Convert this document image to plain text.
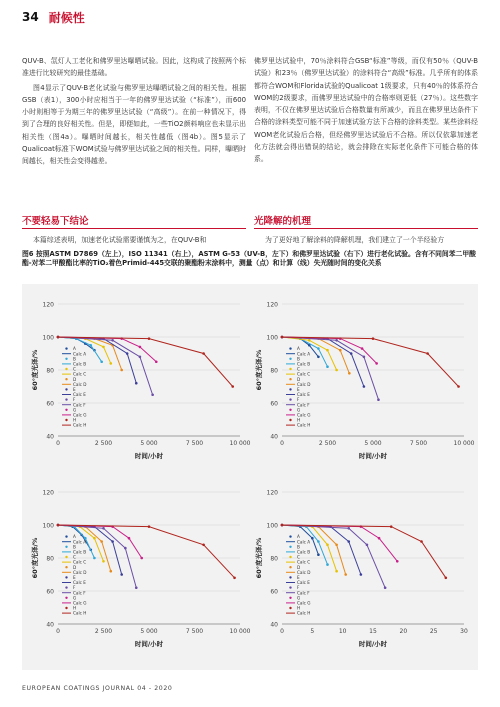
34 耐候性

QUV-B、氙灯人工老化和佛罗里达曝晒试验。因此，这构成了按照两个标准进行比较研究的最佳基础。

图4显示了QUV-B老化试验与佛罗里达曝晒试验之间的相关性。根据GSB（表1），300小时应相当于一年的佛罗里达试验（“标准”），而600小时则相等于为期三年的佛罗里达试验（“高级”）。在前一种情况下，得到了合理的良好相关性。但是，即便如此，一些TiO2颜料响应也未显示出相关性（图4a）。曝晒时间越长，相关性越低（图4b）。图5显示了Qualicoat标准下WOM试验与佛罗里达试验之间的相关性。同样，曝晒时间越长，相关性会变得越差。

佛罗里达试验中，70％涂料符合GSB“标准”等级，而仅有50％（QUV-B试验）和23％（佛罗里达试验）的涂料符合“高级”标准。几乎所有的体系都符合WOM和Florida试验的Qualicoat 1级要求，只有40％的体系符合WOM的2级要求，而佛罗里达试验中的合格率则更低（27％）。这些数字表明，不仅在佛罗里达试验后合格数量有所减少，而且在佛罗里达条件下合格的涂料类型可能不同于加速试验方法下合格的涂料类型。某些涂料经WOM老化试验后合格，但经佛罗里达试验后不合格。所以仅依靠加速老化方法就会得出错误的结论，就会排除在实际老化条件下可能合格的体系。

不要轻易下结论	光降解的机理
本篇综述表明，加速老化试验需要谨慎为之，在QUV-B和	为了更好地了解涂料的降解机理，我们建立了一个半经验方
图6 按照ASTM D7869（左上），ISO 11341（右上），ASTM G-53（UV-B，左下）和佛罗里达试验（右下）进行老化试验。含有不同间苯二甲酸酯-对苯二甲酸酯比率的TiO₂着色Primid-445交联的聚酯粉末涂料中，测量（点）和计算（线）失光随时间的变化关系
40
60
80
100
120
0	2 500	5 000	7 500	10 000
时间/小时
60°度光泽/%
A
Calc A
B
Calc B
C
Calc C
D
Calc D
E
Calc E
F
Calc F
G
Calc G
H
Calc H
40
60
80
100
120
0	2 500	5 000	7 500	10 000
时间/小时
60°度光泽/%
A
Calc A
B
Calc B
C
Calc C
D
Calc D
E
Calc E
F
Calc F
G
Calc G
H
Calc H
40
60
80
100
120
0	2 500	5 000	7 500	10 000
时间/小时
60°度光泽/%
A
Calc A
B
Calc B
C
Calc C
D
Calc D
E
Calc E
F
Calc F
G
Calc G
H
Calc H
40
60
80
100
120
0	5	10	15	20	25	30
时间/小时
60°度光泽/%
A
Calc A
B
Calc B
C
Calc C
D
Calc D
E
Calc E
F
Calc F
G
Calc G
H
Calc H
EUROPEAN COATINGS JOURNAL 04 - 2020
